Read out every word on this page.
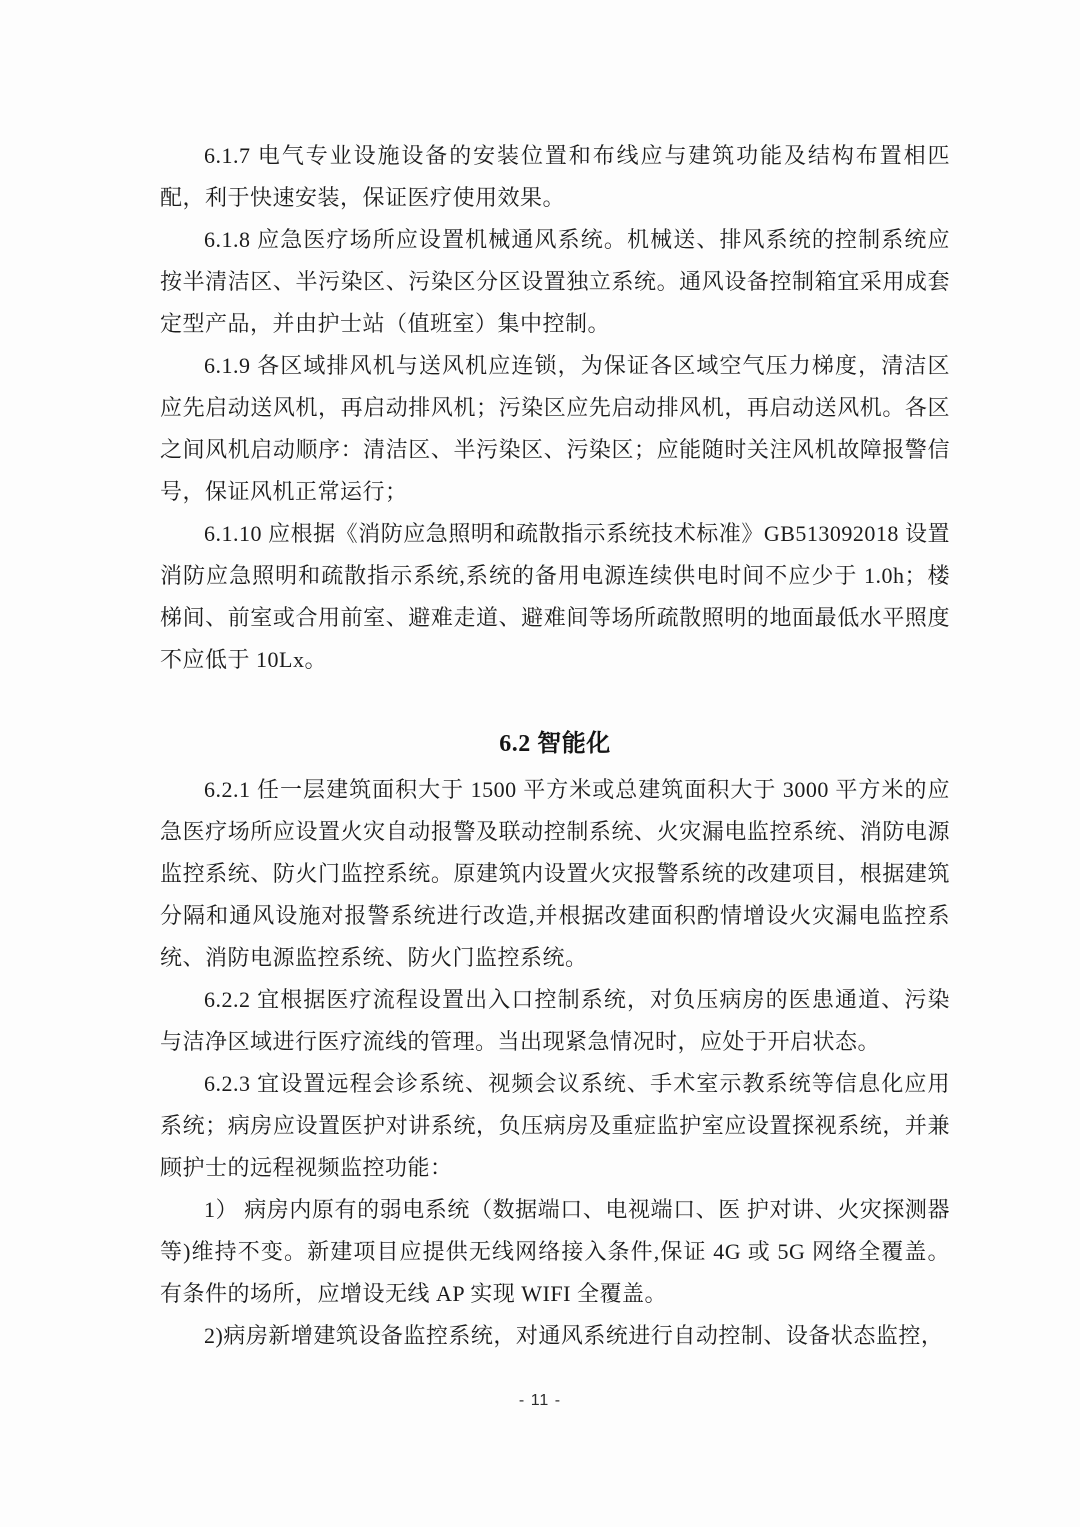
6.1.7 电气专业设施设备的安装位置和布线应与建筑功能及结构布置相匹配，利于快速安装，保证医疗使用效果。

6.1.8 应急医疗场所应设置机械通风系统。机械送、排风系统的控制系统应按半清洁区、半污染区、污染区分区设置独立系统。通风设备控制箱宜采用成套定型产品，并由护士站（值班室）集中控制。

6.1.9 各区域排风机与送风机应连锁，为保证各区域空气压力梯度，清洁区应先启动送风机，再启动排风机；污染区应先启动排风机，再启动送风机。各区之间风机启动顺序：清洁区、半污染区、污染区；应能随时关注风机故障报警信号，保证风机正常运行；

6.1.10 应根据《消防应急照明和疏散指示系统技术标准》GB513092018 设置消防应急照明和疏散指示系统,系统的备用电源连续供电时间不应少于 1.0h；楼梯间、前室或合用前室、避难走道、避难间等场所疏散照明的地面最低水平照度不应低于 10Lx。

6.2 智能化

6.2.1 任一层建筑面积大于 1500 平方米或总建筑面积大于 3000 平方米的应急医疗场所应设置火灾自动报警及联动控制系统、火灾漏电监控系统、消防电源监控系统、防火门监控系统。原建筑内设置火灾报警系统的改建项目，根据建筑分隔和通风设施对报警系统进行改造,并根据改建面积酌情增设火灾漏电监控系统、消防电源监控系统、防火门监控系统。

6.2.2 宜根据医疗流程设置出入口控制系统，对负压病房的医患通道、污染与洁净区域进行医疗流线的管理。当出现紧急情况时，应处于开启状态。

6.2.3 宜设置远程会诊系统、视频会议系统、手术室示教系统等信息化应用系统；病房应设置医护对讲系统，负压病房及重症监护室应设置探视系统，并兼顾护士的远程视频监控功能：

1） 病房内原有的弱电系统（数据端口、电视端口、医 护对讲、火灾探测器等)维持不变。新建项目应提供无线网络接入条件,保证 4G 或 5G 网络全覆盖。有条件的场所，应增设无线 AP 实现 WIFI 全覆盖。

2)病房新增建筑设备监控系统，对通风系统进行自动控制、设备状态监控，

- 11 -
